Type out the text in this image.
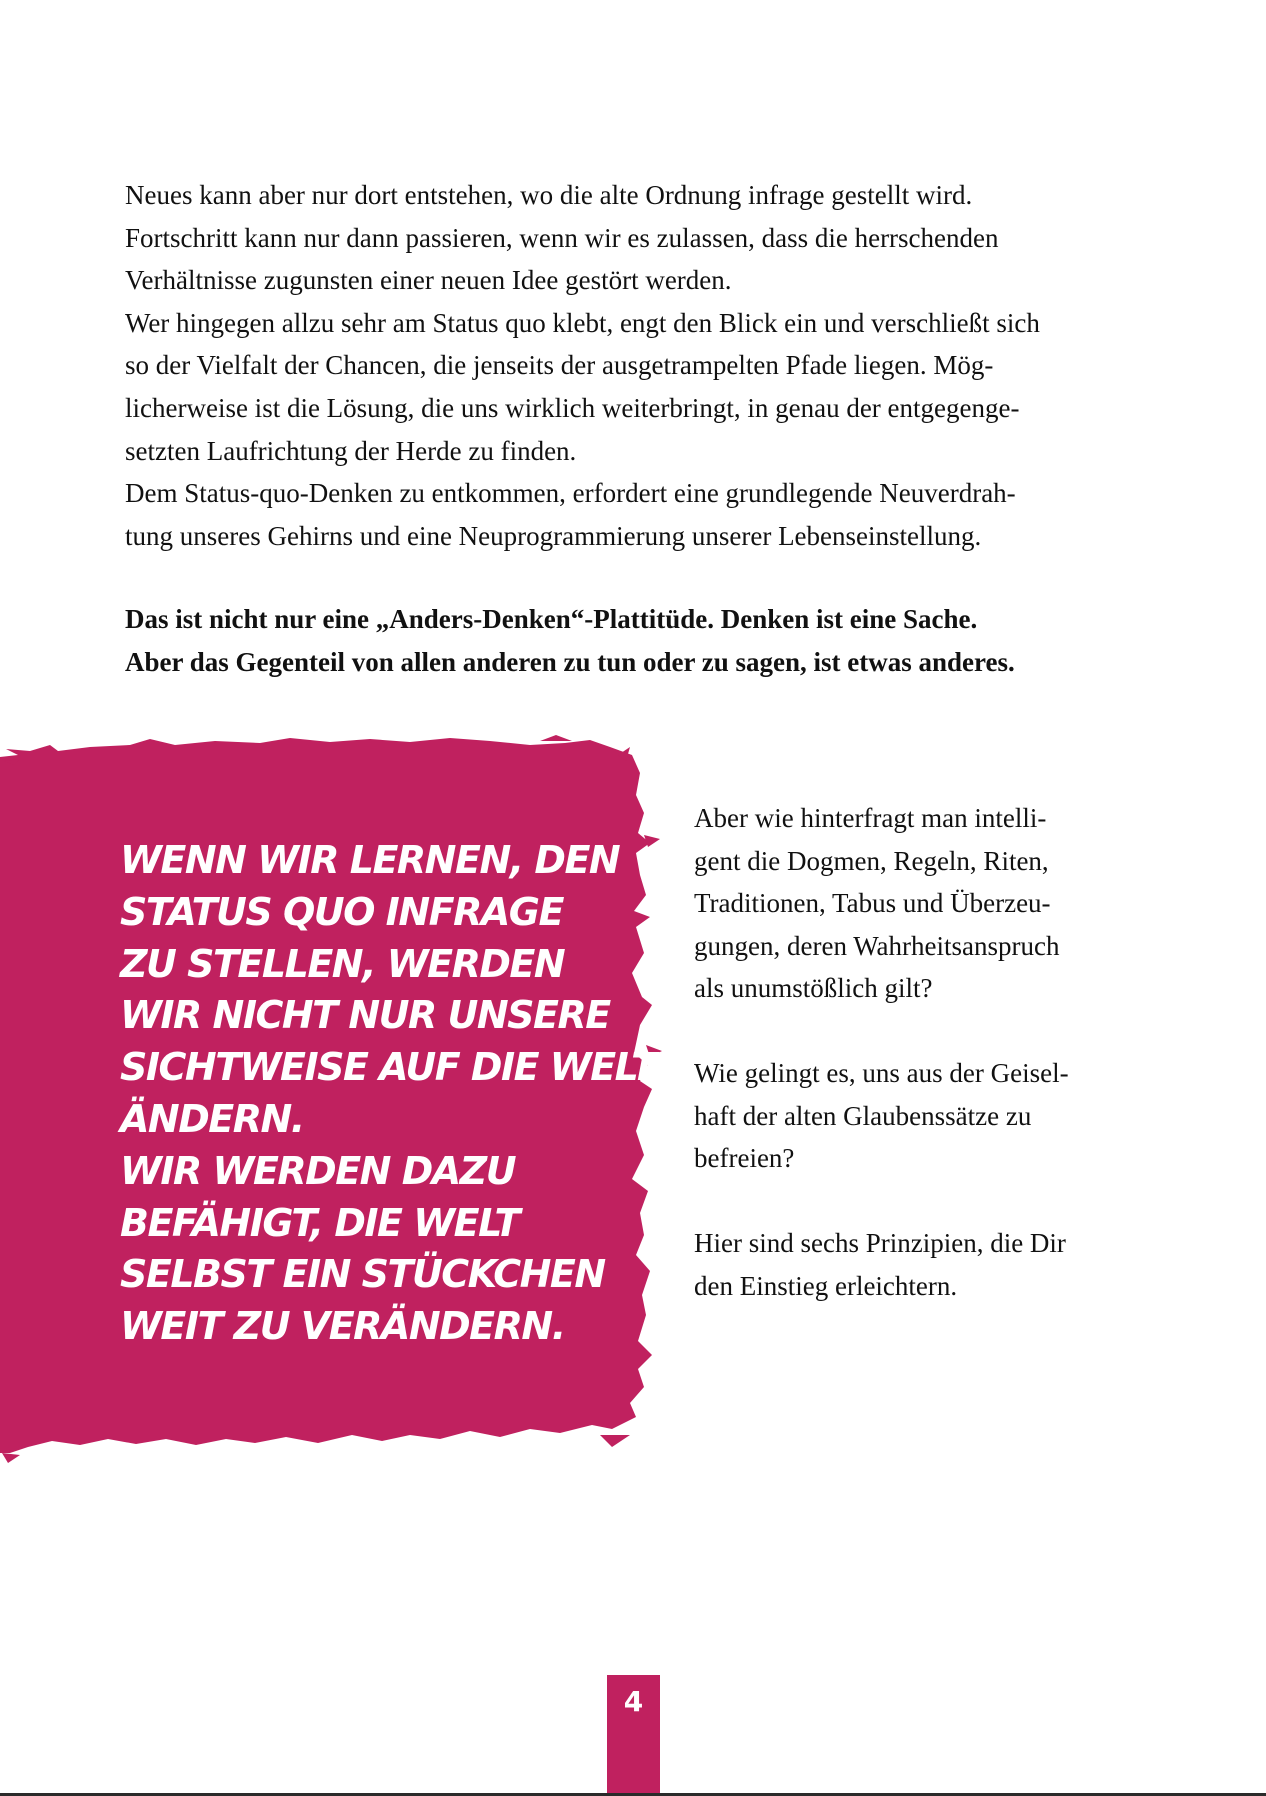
Neues kann aber nur dort entstehen, wo die alte Ordnung infrage gestellt wird.

Fortschritt kann nur dann passieren, wenn wir es zulassen, dass die herrschenden

Verhältnisse zugunsten einer neuen Idee gestört werden.

Wer hingegen allzu sehr am Status quo klebt, engt den Blick ein und verschließt sich

so der Vielfalt der Chancen, die jenseits der ausgetrampelten Pfade liegen. Mög-

licherweise ist die Lösung, die uns wirklich weiterbringt, in genau der entgegenge-

setzten Laufrichtung der Herde zu finden.

Dem Status-quo-Denken zu entkommen, erfordert eine grundlegende Neuverdrah-

tung unseres Gehirns und eine Neuprogrammierung unserer Lebenseinstellung.

Das ist nicht nur eine „Anders-Denken“-Plattitüde. Denken ist eine Sache.

Aber das Gegenteil von allen anderen zu tun oder zu sagen, ist etwas anderes.

WENN WIR LERNEN, DEN
STATUS QUO INFRAGE
ZU STELLEN, WERDEN
WIR NICHT NUR UNSERE
SICHTWEISE AUF DIE WELT
ÄNDERN.
WIR WERDEN DAZU
BEFÄHIGT, DIE WELT
SELBST EIN STÜCKCHEN
WEIT ZU VERÄNDERN.

Aber wie hinterfragt man intelli-
gent die Dogmen, Regeln, Riten,
Traditionen, Tabus und Überzeu-
gungen, deren Wahrheitsanspruch
als unumstößlich gilt?

Wie gelingt es, uns aus der Geisel-
haft der alten Glaubenssätze zu
befreien?

Hier sind sechs Prinzipien, die Dir
den Einstieg erleichtern.

4
